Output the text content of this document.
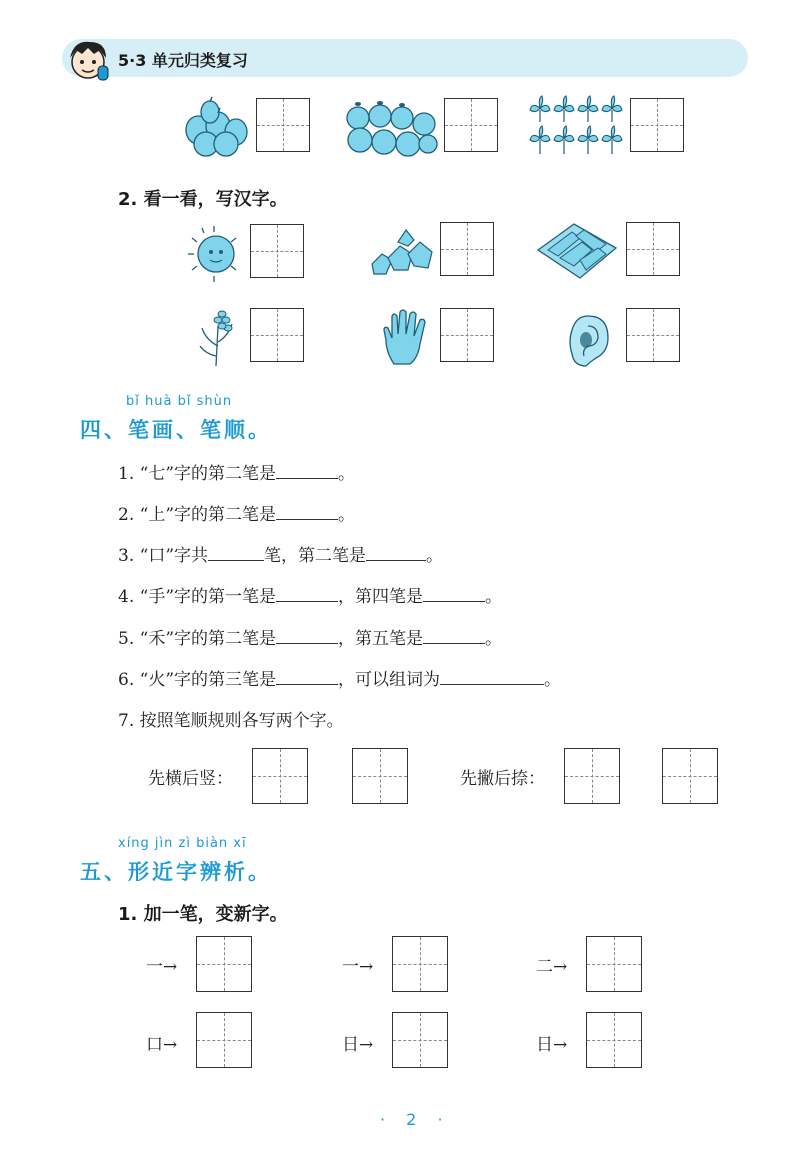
5·3 单元归类复习
2. 看一看，写汉字。
bǐ huà bǐ shùn
四、笔画、笔顺。
1. “七”字的第二笔是	。
2. “上”字的第二笔是	。
3. “口”字共	笔，第二笔是	。
4. “手”字的第一笔是	，第四笔是	。
5. “禾”字的第二笔是	，第五笔是	。
6. “火”字的第三笔是	，可以组词为	。
7. 按照笔顺规则各写两个字。
先横后竖：	先撇后捺：
xíng jìn zì biàn xī
五、形近字辨析。
1. 加一笔，变新字。
一→	一→	二→
口→	日→	日→
· 2 ·
